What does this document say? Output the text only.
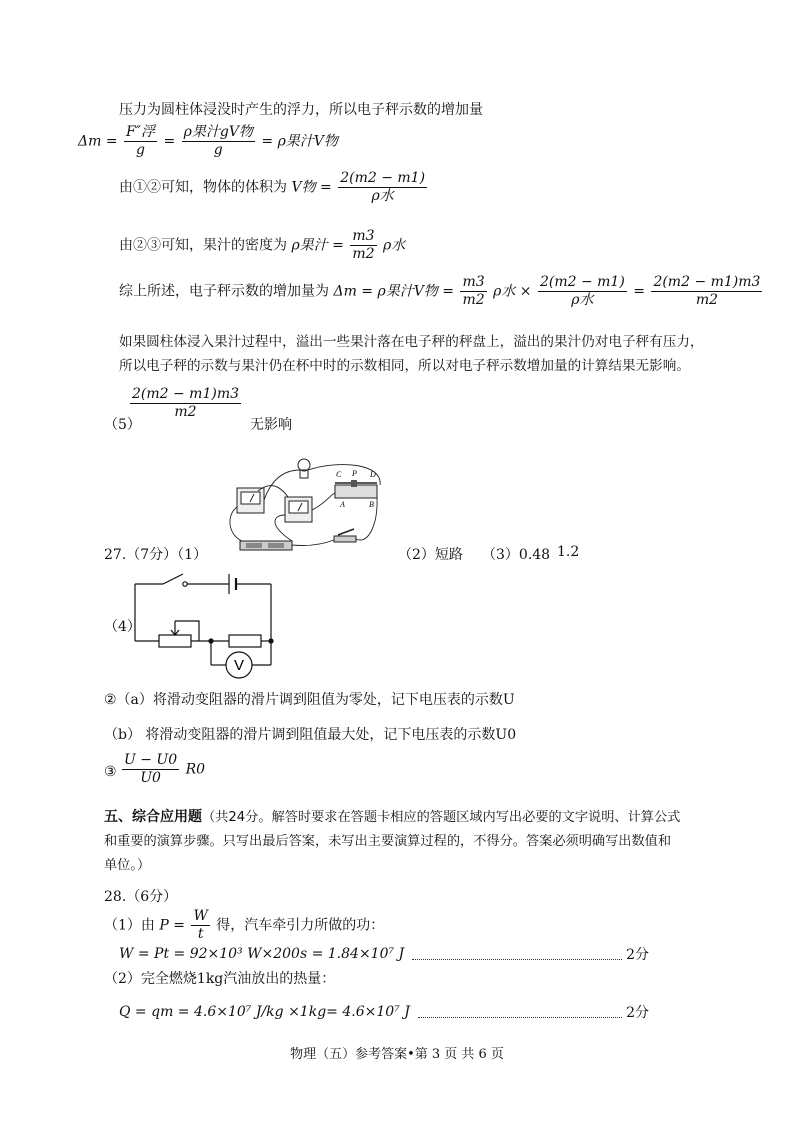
压力为圆柱体浸没时产生的浮力，所以电子秤示数的增加量
$\Delta m = \frac{\text{F″浮}}{g} = \frac{\text{ρ果汁gV物}}{g} = \rho$果汁V物
由①②可知，物体的体积为 V物 = $\frac{2(m2 - m1)}{\text{ρ水}}$
由②③可知，果汁的密度为 ρ果汁 = $\frac{m3}{m2}$ ρ水
综上所述，电子秤示数的增加量为 Δm = ρ果汁V物 = $\frac{m3}{m2}$ ρ水 × $\frac{2(m2 - m1)}{\text{ρ水}} = \frac{2(m2 - m1)m3}{m2}$
如果圆柱体浸入果汁过程中，溢出一些果汁落在电子秤的秤盘上，溢出的果汁仍对电子秤有压力，
所以电子秤的示数与果汁仍在杯中时的示数相同，所以对电子秤示数增加量的计算结果无影响。
（5）
$\frac{2(m2 - m1)m3}{m2}$
无影响
C P D
A	B
27.（7分）（1）	（2）短路 （3）0.48 1.2
（4）
V
②（a）将滑动变阻器的滑片调到阻值为零处，记下电压表的示数U
（b） 将滑动变阻器的滑片调到阻值最大处，记下电压表的示数U0
③ $\frac{U - U0}{U0} R0$
五、综合应用题（共24分。解答时要求在答题卡相应的答题区域内写出必要的文字说明、计算公式
和重要的演算步骤。只写出最后答案，未写出主要演算过程的，不得分。答案必须明确写出数值和
单位。）
28.（6分）
（1）由 $P = \frac{W}{t}$ 得，汽车牵引力所做的功：
W = Pt = 92×10³ W×200s = 1.84×10⁷ J	2分
（2）完全燃烧1kg汽油放出的热量：
Q = qm = 4.6×10⁷ J/kg ×1kg= 4.6×10⁷ J	2分
物理（五）参考答案•第 3 页 共 6 页
